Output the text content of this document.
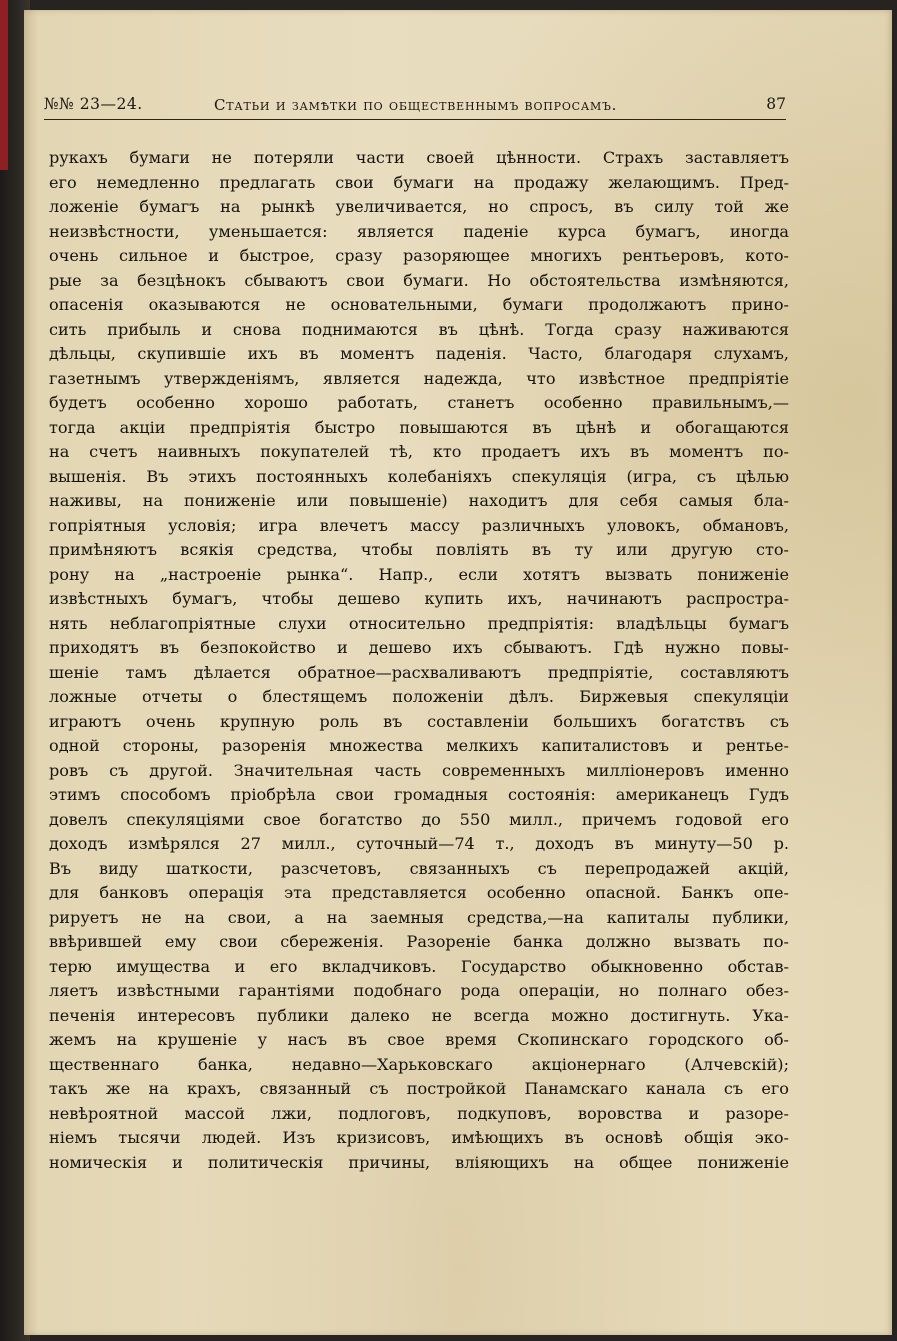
№№ 23—24.	Статьи и замѣтки по общественнымъ вопросамъ.	87
рукахъ бумаги не потеряли части своей цѣнности. Страхъ заставляетъ
его немедленно предлагать свои бумаги на продажу желающимъ. Пред-
ложенiе бумагъ на рынкѣ увеличивается, но спросъ, въ силу той же
неизвѣстности, уменьшается: является паденiе курса бумагъ, иногда
очень сильное и быстрое, сразу разоряющее многихъ рентьеровъ, кото-
рые за безцѣнокъ сбываютъ свои бумаги. Но обстоятельства измѣняются,
опасенiя оказываются не основательными, бумаги продолжаютъ прино-
сить прибыль и снова поднимаются въ цѣнѣ. Тогда сразу наживаются
дѣльцы, скупившiе ихъ въ моментъ паденiя. Часто, благодаря слухамъ,
газетнымъ утвержденiямъ, является надежда, что извѣстное предпрiятiе
будетъ особенно хорошо работать, станетъ особенно правильнымъ,—
тогда акцiи предпрiятiя быстро повышаются въ цѣнѣ и обогащаются
на счетъ наивныхъ покупателей тѣ, кто продаетъ ихъ въ моментъ по-
вышенiя. Въ этихъ постоянныхъ колебанiяхъ спекуляцiя (игра, съ цѣлью
наживы, на пониженiе или повышенiе) находитъ для себя самыя бла-
гопрiятныя условiя; игра влечетъ массу различныхъ уловокъ, обмановъ,
примѣняютъ всякiя средства, чтобы повлiять въ ту или другую сто-
рону на „настроенiе рынка“. Напр., если хотятъ вызвать пониженiе
извѣстныхъ бумагъ, чтобы дешево купить ихъ, начинаютъ распростра-
нять неблагопрiятные слухи относительно предпрiятiя: владѣльцы бумагъ
приходятъ въ безпокойство и дешево ихъ сбываютъ. Гдѣ нужно повы-
шенiе тамъ дѣлается обратное—расхваливаютъ предпрiятiе, составляютъ
ложные отчеты о блестящемъ положенiи дѣлъ. Биржевыя спекуляцiи
играютъ очень крупную роль въ составленiи большихъ богатствъ съ
одной стороны, разоренiя множества мелкихъ капиталистовъ и рентье-
ровъ съ другой. Значительная часть современныхъ миллiонеровъ именно
этимъ способомъ прiобрѣла свои громадныя состоянiя: американецъ Гудъ
довелъ спекуляцiями свое богатство до 550 милл., причемъ годовой его
доходъ измѣрялся 27 милл., суточный—74 т., доходъ въ минуту—50 р.
Въ виду шаткости, разсчетовъ, связанныхъ съ перепродажей акцiй,
для банковъ операцiя эта представляется особенно опасной. Банкъ опе-
рируетъ не на свои, а на заемныя средства,—на капиталы публики,
ввѣрившей ему свои сбереженiя. Разоренiе банка должно вызвать по-
терю имущества и его вкладчиковъ. Государство обыкновенно обстав-
ляетъ извѣстными гарантiями подобнаго рода операцiи, но полнаго обез-
печенiя интересовъ публики далеко не всегда можно достигнуть. Ука-
жемъ на крушенiе у насъ въ свое время Скопинскаго городского об-
щественнаго банка, недавно—Харьковскаго акцiонернаго (Алчевскiй);
такъ же на крахъ, связанный съ постройкой Панамскаго канала съ его
невѣроятной массой лжи, подлоговъ, подкуповъ, воровства и разоре-
нiемъ тысячи людей. Изъ кризисовъ, имѣющихъ въ основѣ общiя эко-
номическiя и политическiя причины, влiяющихъ на общее пониженiе
